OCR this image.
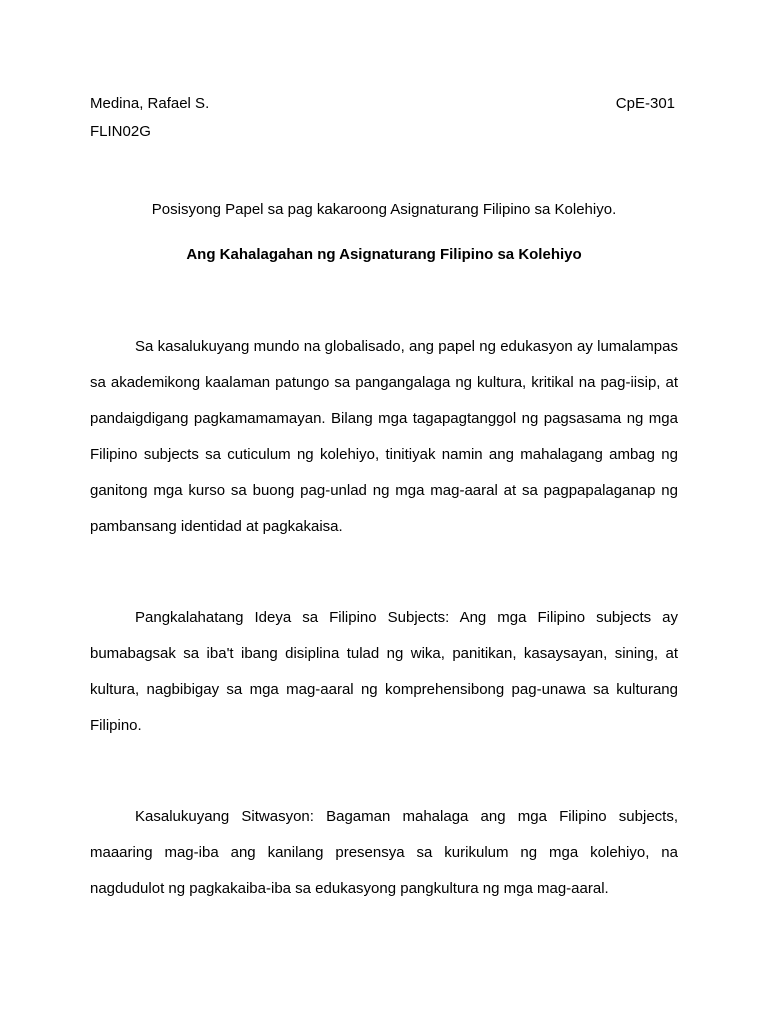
Medina, Rafael S.	CpE-301
FLIN02G
Posisyong Papel sa pag kakaroong Asignaturang Filipino sa Kolehiyo.
Ang Kahalagahan ng Asignaturang Filipino sa Kolehiyo

Sa kasalukuyang mundo na globalisado, ang papel ng edukasyon ay lumalampas sa akademikong kaalaman patungo sa pangangalaga ng kultura, kritikal na pag-iisip, at pandaigdigang pagkamamamayan. Bilang mga tagapagtanggol ng pagsasama ng mga Filipino subjects sa cuticulum ng kolehiyo, tinitiyak namin ang mahalagang ambag ng ganitong mga kurso sa buong pag-unlad ng mga mag-aaral at sa pagpapalaganap ng pambansang identidad at pagkakaisa.

Pangkalahatang Ideya sa Filipino Subjects: Ang mga Filipino subjects ay bumabagsak sa iba't ibang disiplina tulad ng wika, panitikan, kasaysayan, sining, at kultura, nagbibigay sa mga mag-aaral ng komprehensibong pag-unawa sa kulturang Filipino.

Kasalukuyang Sitwasyon: Bagaman mahalaga ang mga Filipino subjects, maaaring mag-iba ang kanilang presensya sa kurikulum ng mga kolehiyo, na nagdudulot ng pagkakaiba-iba sa edukasyong pangkultura ng mga mag-aaral.
